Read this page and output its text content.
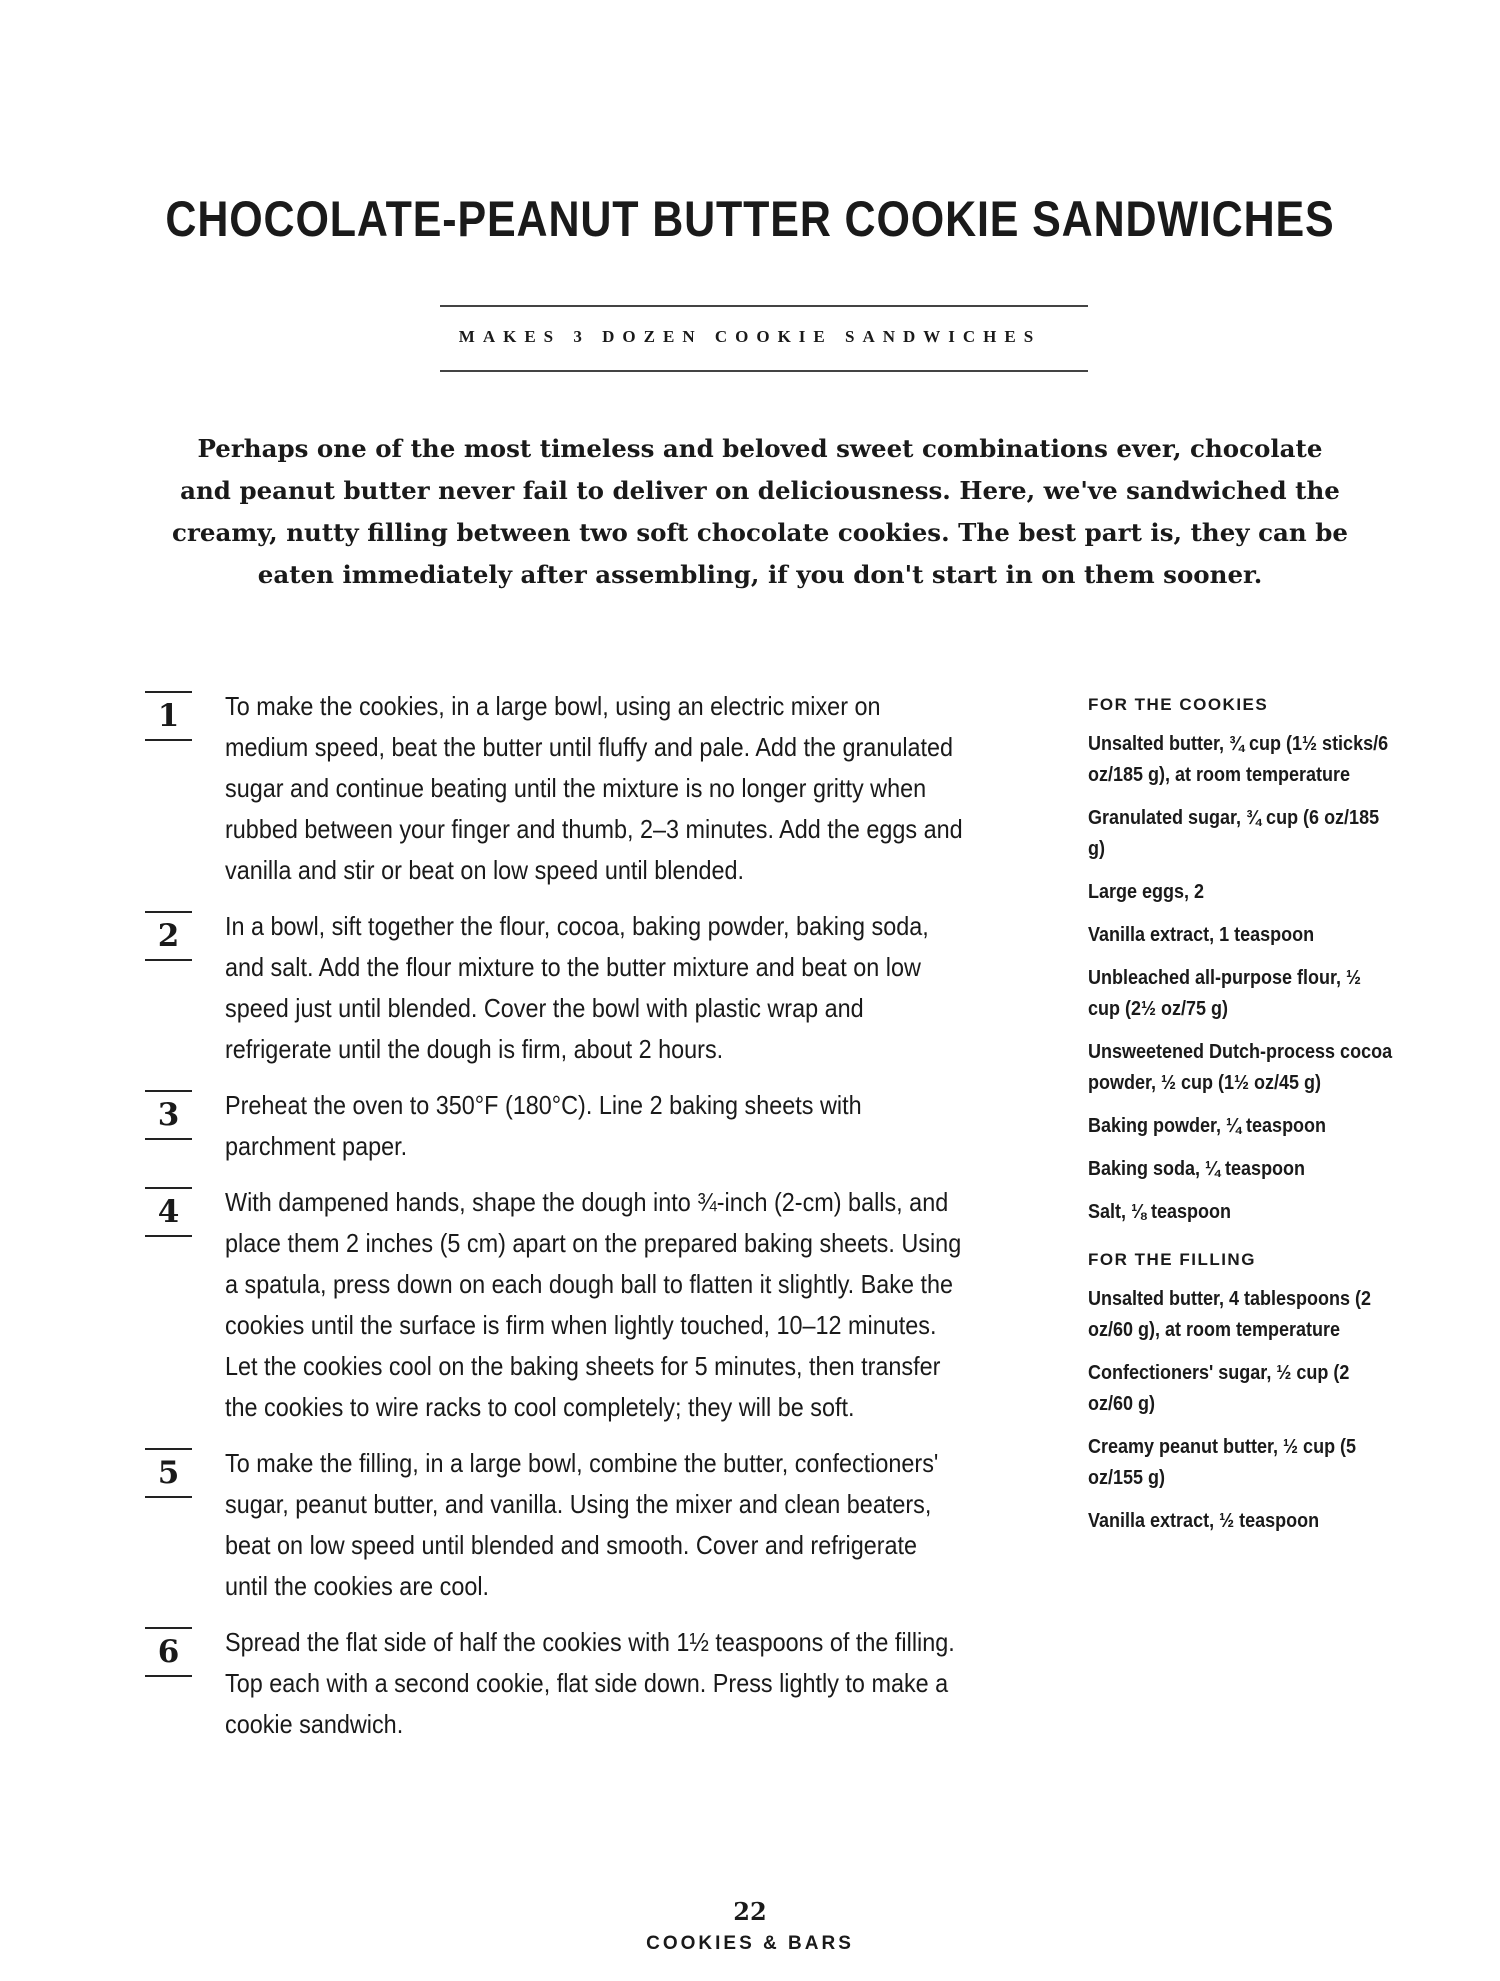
CHOCOLATE-PEANUT BUTTER COOKIE SANDWICHES
MAKES 3 DOZEN COOKIE SANDWICHES

Perhaps one of the most timeless and beloved sweet combinations ever, chocolate and peanut butter never fail to deliver on deliciousness. Here, we've sandwiched the creamy, nutty filling between two soft chocolate cookies. The best part is, they can be eaten immediately after assembling, if you don't start in on them sooner.

1	To make the cookies, in a large bowl, using an electric mixer on medium speed, beat the butter until fluffy and pale. Add the granulated sugar and continue beating until the mixture is no longer gritty when rubbed between your finger and thumb, 2–3 minutes. Add the eggs and vanilla and stir or beat on low speed until blended.

2	In a bowl, sift together the flour, cocoa, baking powder, baking soda, and salt. Add the flour mixture to the butter mixture and beat on low speed just until blended. Cover the bowl with plastic wrap and refrigerate until the dough is firm, about 2 hours.

3	Preheat the oven to 350°F (180°C). Line 2 baking sheets with parchment paper.

4	With dampened hands, shape the dough into ¾-inch (2-cm) balls, and place them 2 inches (5 cm) apart on the prepared baking sheets. Using a spatula, press down on each dough ball to flatten it slightly. Bake the cookies until the surface is firm when lightly touched, 10–12 minutes. Let the cookies cool on the baking sheets for 5 minutes, then transfer the cookies to wire racks to cool completely; they will be soft.

5	To make the filling, in a large bowl, combine the butter, confectioners' sugar, peanut butter, and vanilla. Using the mixer and clean beaters, beat on low speed until blended and smooth. Cover and refrigerate until the cookies are cool.

6	Spread the flat side of half the cookies with 1½ teaspoons of the filling. Top each with a second cookie, flat side down. Press lightly to make a cookie sandwich.

FOR THE COOKIES

Unsalted butter, ¾ cup (1½ sticks/6 oz/185 g), at room temperature

Granulated sugar, ¾ cup (6 oz/185 g)

Large eggs, 2

Vanilla extract, 1 teaspoon

Unbleached all-purpose flour, ½ cup (2½ oz/75 g)

Unsweetened Dutch-process cocoa powder, ½ cup (1½ oz/45 g)

Baking powder, ¼ teaspoon

Baking soda, ¼ teaspoon

Salt, ⅛ teaspoon

FOR THE FILLING

Unsalted butter, 4 tablespoons (2 oz/60 g), at room temperature

Confectioners' sugar, ½ cup (2 oz/60 g)

Creamy peanut butter, ½ cup (5 oz/155 g)

Vanilla extract, ½ teaspoon

22
COOKIES & BARS
